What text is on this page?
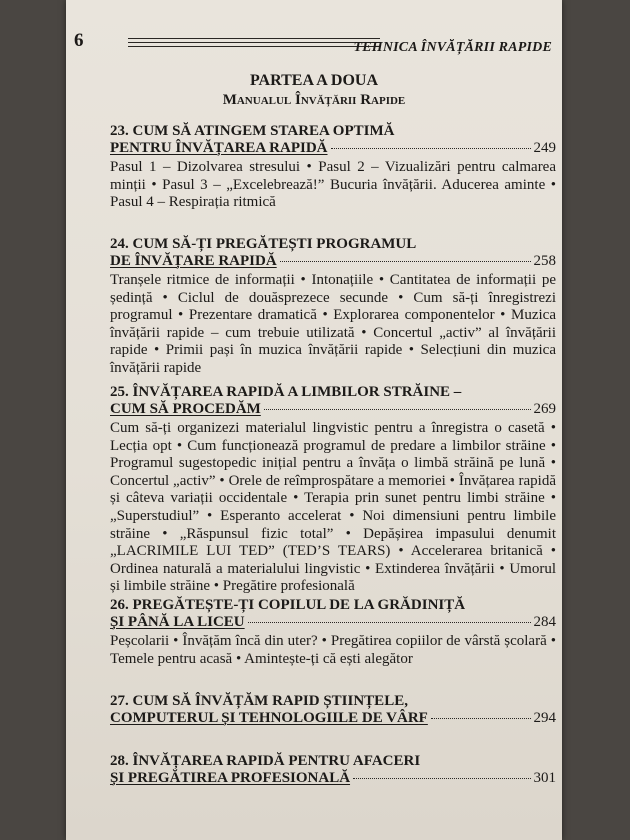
6	TEHNICA ÎNVĂȚĂRII RAPIDE
PARTEA A DOUA
Manualul Învățării Rapide
23. CUM SĂ ATINGEM STAREA OPTIMĂ
PENTRU ÎNVĂȚAREA RAPIDĂ	249
Pasul 1 – Dizolvarea stresului • Pasul 2 – Vizualizări pentru calmarea minții • Pasul 3 – „Excelebrează!” Bucuria învățării. Aducerea aminte • Pasul 4 – Respirația ritmică
24. CUM SĂ-ȚI PREGĂTEȘTI PROGRAMUL
DE ÎNVĂȚARE RAPIDĂ	258
Tranșele ritmice de informații • Intonațiile • Cantitatea de informații pe ședință • Ciclul de douăsprezece secunde • Cum să-ți înregistrezi programul • Prezentare dramatică • Explorarea componentelor • Muzica învățării rapide – cum trebuie utilizată • Concertul „activ” al învățării rapide • Primii pași în muzica învățării rapide • Selecțiuni din muzica învățării rapide
25. ÎNVĂȚAREA RAPIDĂ A LIMBILOR STRĂINE –
CUM SĂ PROCEDĂM	269
Cum să-ți organizezi materialul lingvistic pentru a înregistra o casetă • Lecția opt • Cum funcționează programul de predare a limbilor străine • Programul sugestopedic inițial pentru a învăța o limbă străină pe lună • Concertul „activ” • Orele de reîmprospătare a memoriei • Învățarea rapidă și câteva variații occidentale • Terapia prin sunet pentru limbi străine • „Superstudiul” • Esperanto accelerat • Noi dimensiuni pentru limbile străine • „Răspunsul fizic total” • Depășirea impasului denumit „LACRIMILE LUI TED” (TED’S TEARS) • Accelerarea britanică • Ordinea naturală a materialului lingvistic • Extinderea învățării • Umorul și limbile străine • Pregătire profesională
26. PREGĂTEȘTE-ȚI COPILUL DE LA GRĂDINIȚĂ
ȘI PÂNĂ LA LICEU	284
Peșcolarii • Învățăm încă din uter? • Pregătirea copiilor de vârstă școlară • Temele pentru acasă • Amintește-ți că ești alegător
27. CUM SĂ ÎNVĂȚĂM RAPID ȘTIINȚELE,
COMPUTERUL ȘI TEHNOLOGIILE DE VÂRF	294
28. ÎNVĂȚAREA RAPIDĂ PENTRU AFACERI
ȘI PREGĂTIREA PROFESIONALĂ	301
